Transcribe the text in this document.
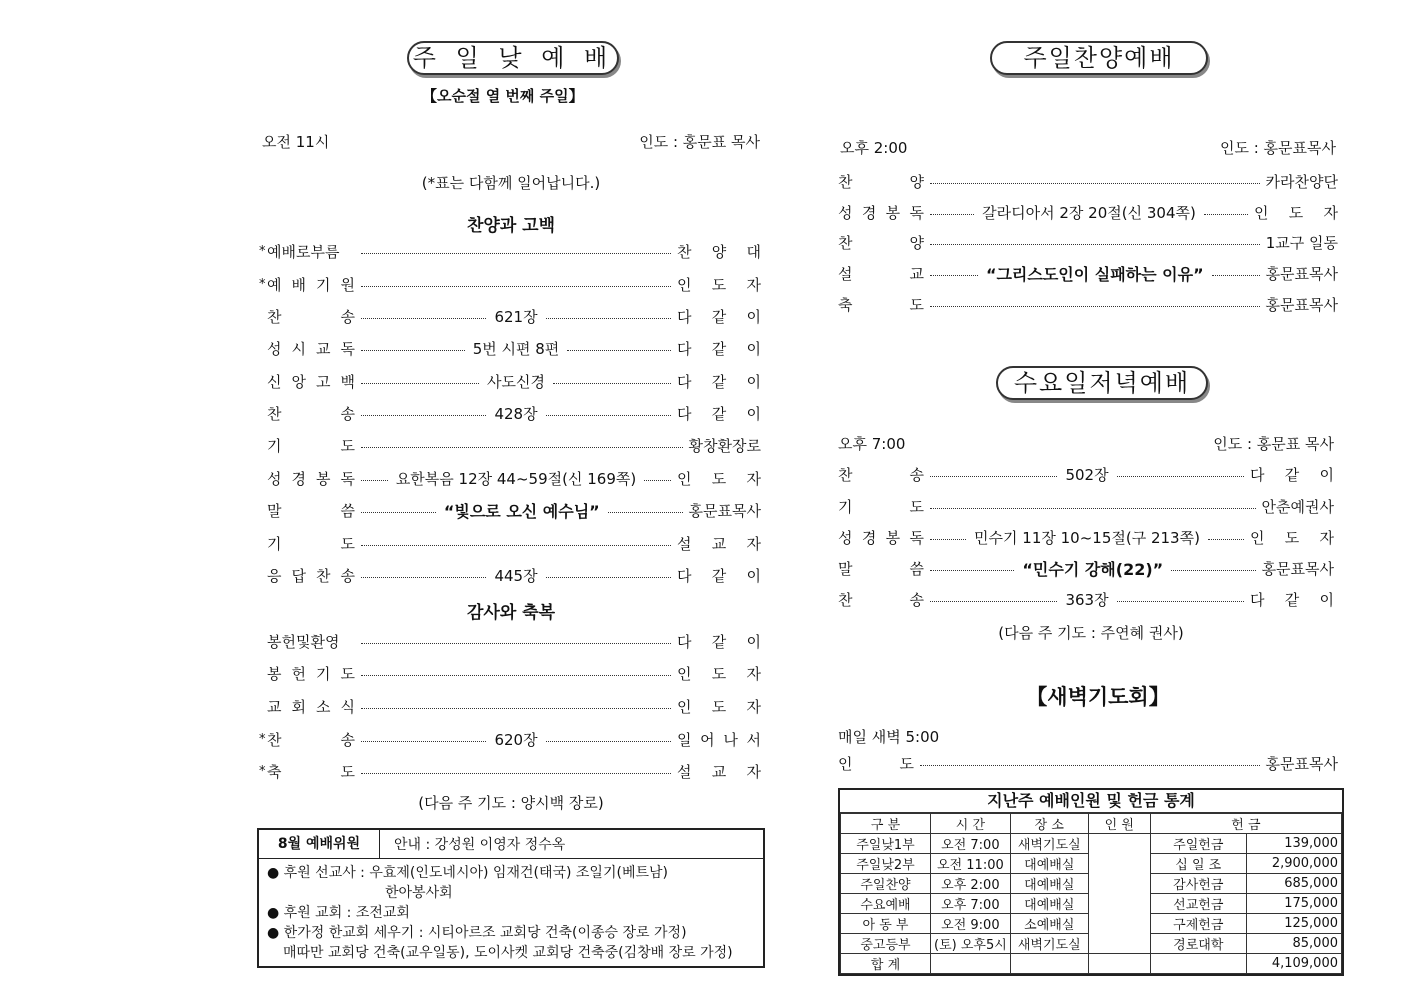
주 일 낮 예 배
【오순절 열 번째 주일】
오전 11시	인도 : 홍문표 목사
(*표는 다함께 일어납니다.)
찬양과 고백
* 예배로부름	찬 양 대
* 예 배 기 원	인 도 자
찬	송	621장	다 같 이
성 시 교 독	5번 시편 8편	다 같 이
신 앙 고 백	사도신경	다 같 이
찬	송	428장	다 같 이
기	도	황창환장로
성 경 봉 독	요한복음 12장 44~59절(신 169쪽)	인 도 자
말	씀	“빛으로 오신 예수님”	홍문표목사
기	도	설 교 자
응 답 찬 송	445장	다 같 이
봉헌및환영	다 같 이
봉 헌 기 도	인 도 자
교 회 소 식	인 도 자
* 찬	송	620장	일 어 나 서
* 축	도	설 교 자
감사와 축복
(다음 주 기도 : 양시백 장로)
8월 예배위원	안내 : 강성원 이영자 정수옥
● 후원 선교사 : 우효제(인도네시아) 임재건(태국) 조일기(베트남)
한아봉사회
● 후원 교회 : 조전교회
● 한가정 한교회 세우기 : 시티아르조 교회당 건축(이종승 장로 가정)
매따만 교회당 건축(교우일동), 도이사켓 교회당 건축중(김창배 장로 가정)
주일찬양예배
오후 2:00	인도 : 홍문표목사
찬	양	카라찬양단
성 경 봉 독	갈라디아서 2장 20절(신 304쪽)	인 도 자
찬	양	1교구 일동
설	교	“그리스도인이 실패하는 이유”	홍문표목사
축	도	홍문표목사
수요일저녁예배
오후 7:00	인도 : 홍문표 목사
찬	송	502장	다 같 이
기	도	안춘예권사
성 경 봉 독	민수기 11장 10~15절(구 213쪽)	인 도 자
말	씀	“민수기 강해(22)”	홍문표목사
찬	송	363장	다 같 이
(다음 주 기도 : 주연혜 권사)
【새벽기도회】
매일 새벽 5:00
인	도	홍문표목사
지난주 예배인원 및 헌금 통계
구 분	시 간	장 소	인 원	헌 금	
주일낮1부	오전 7:00	새벽기도실		주일헌금	139,000
주일낮2부	오전 11:00	대예배실		십 일 조	2,900,000
주일찬양	오후 2:00	대예배실		감사헌금	685,000
수요예배	오후 7:00	대예배실		선교헌금	175,000
아 동 부	오전 9:00	소예배실		구제헌금	125,000
중고등부	(토) 오후5시	새벽기도실		경로대학	85,000
합 계					4,109,000
